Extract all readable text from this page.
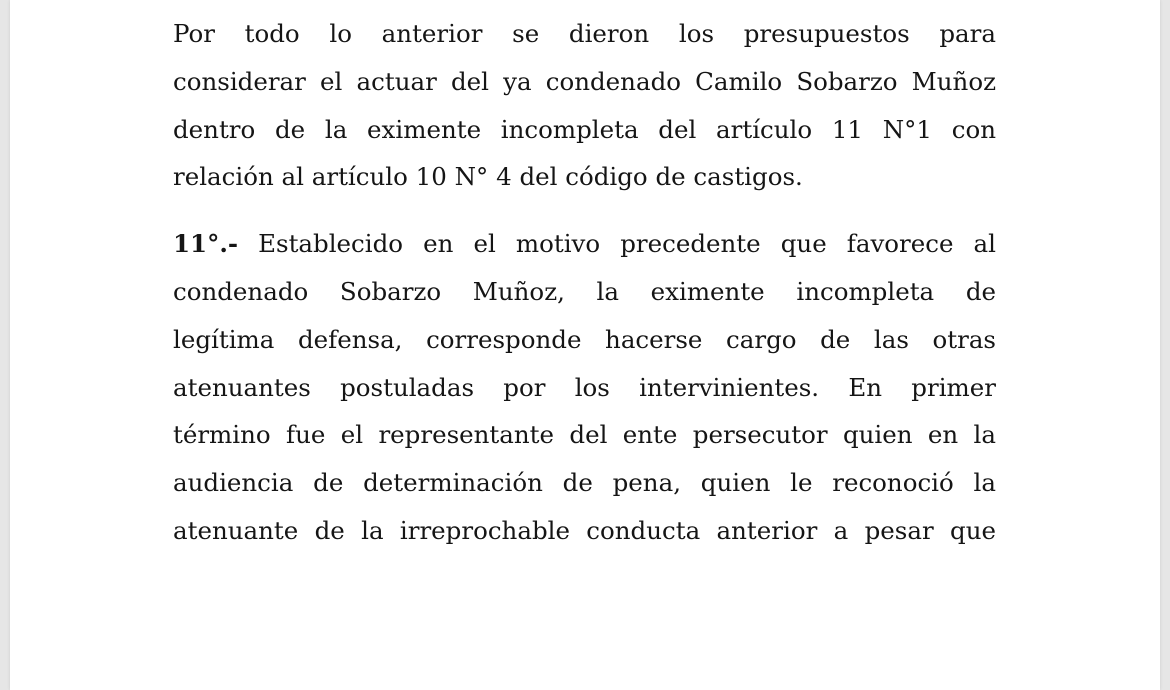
Por todo lo anterior se dieron los presupuestos para
considerar el actuar del ya condenado Camilo Sobarzo Muñoz
dentro de la eximente incompleta del artículo 11 N°1 con
relación al artículo 10 N° 4 del código de castigos.
11°.- Establecido en el motivo precedente que favorece al
condenado Sobarzo Muñoz, la eximente incompleta de
legítima defensa, corresponde hacerse cargo de las otras
atenuantes postuladas por los intervinientes. En primer
término fue el representante del ente persecutor quien en la
audiencia de determinación de pena, quien le reconoció la
atenuante de la irreprochable conducta anterior a pesar que
